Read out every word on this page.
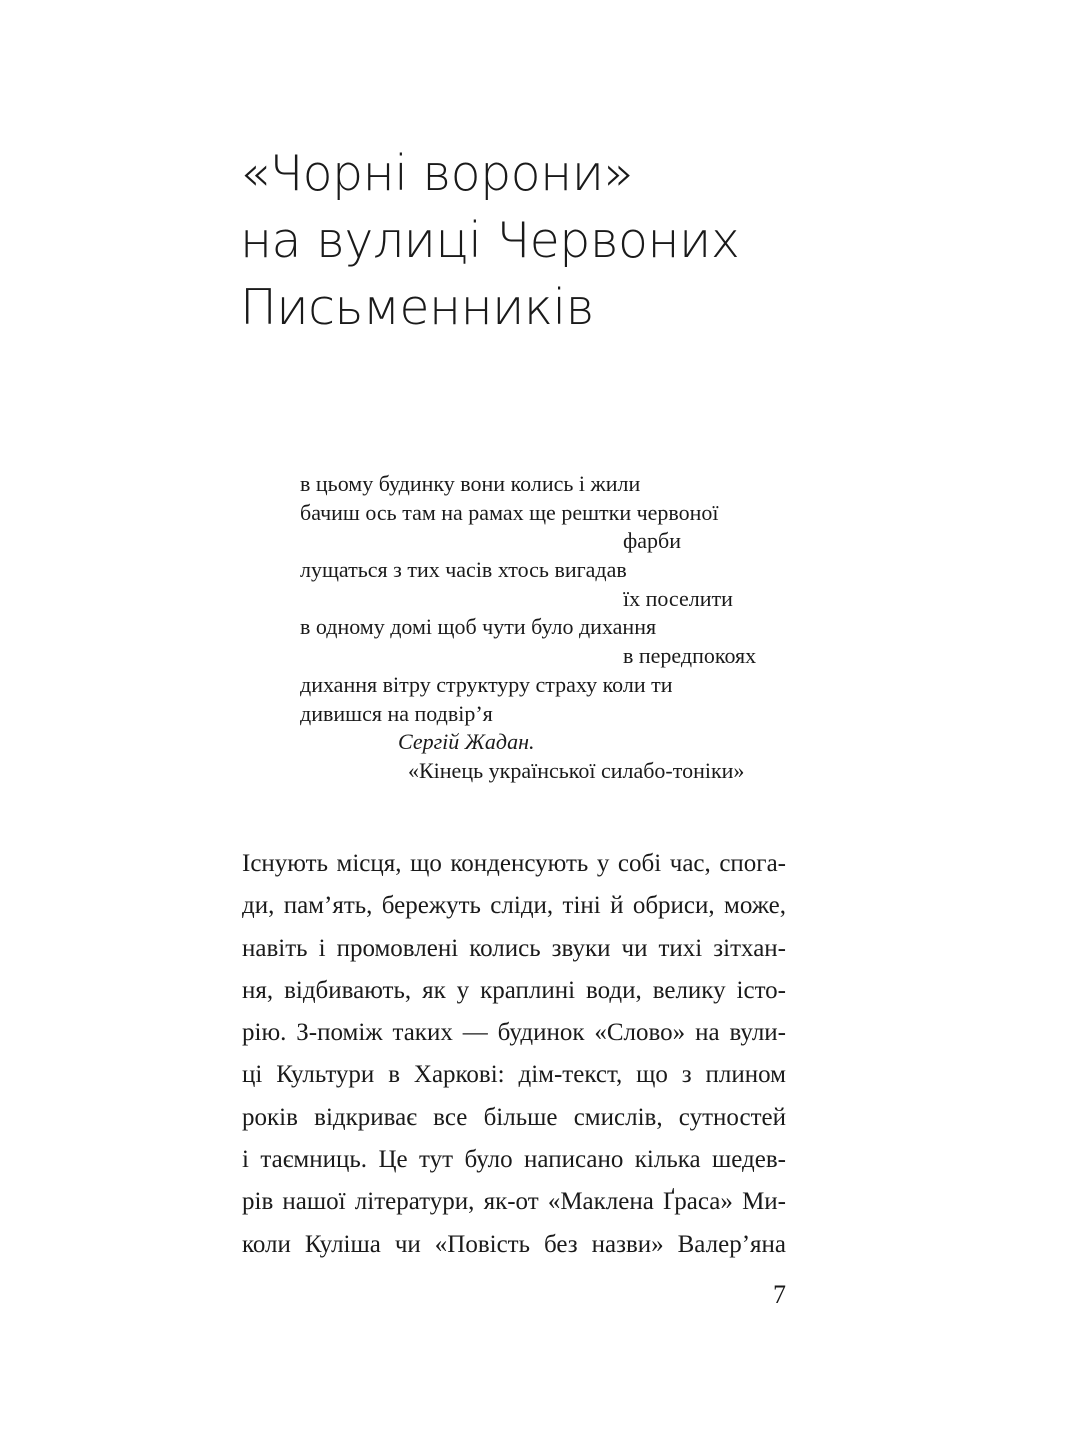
«Чорні ворони»
на вулиці Червоних
Письменників
в цьому будинку вони колись і жили
бачиш ось там на рамах ще рештки червоної
фарби
лущаться з тих часів хтось вигадав
їх поселити
в одному домі щоб чути було дихання
в передпокоях
дихання вітру структуру страху коли ти
дивишся на подвір’я
Сергій Жадан.
«Кінець української силабо-тоніки»
Існують місця, що конденсують у собі час, спога-
ди, пам’ять, бережуть сліди, тіні й обриси, може,
навіть і промовлені колись звуки чи тихі зітхан-
ня, відбивають, як у краплині води, велику істо-
рію. З-поміж таких — будинок «Слово» на вули-
ці Культури в Харкові: дім-текст, що з плином
років відкриває все більше смислів, сутностей
і таємниць. Це тут було написано кілька шедев-
рів нашої літератури, як-от «Маклена Ґраса» Ми-
коли Куліша чи «Повість без назви» Валер’яна
7
